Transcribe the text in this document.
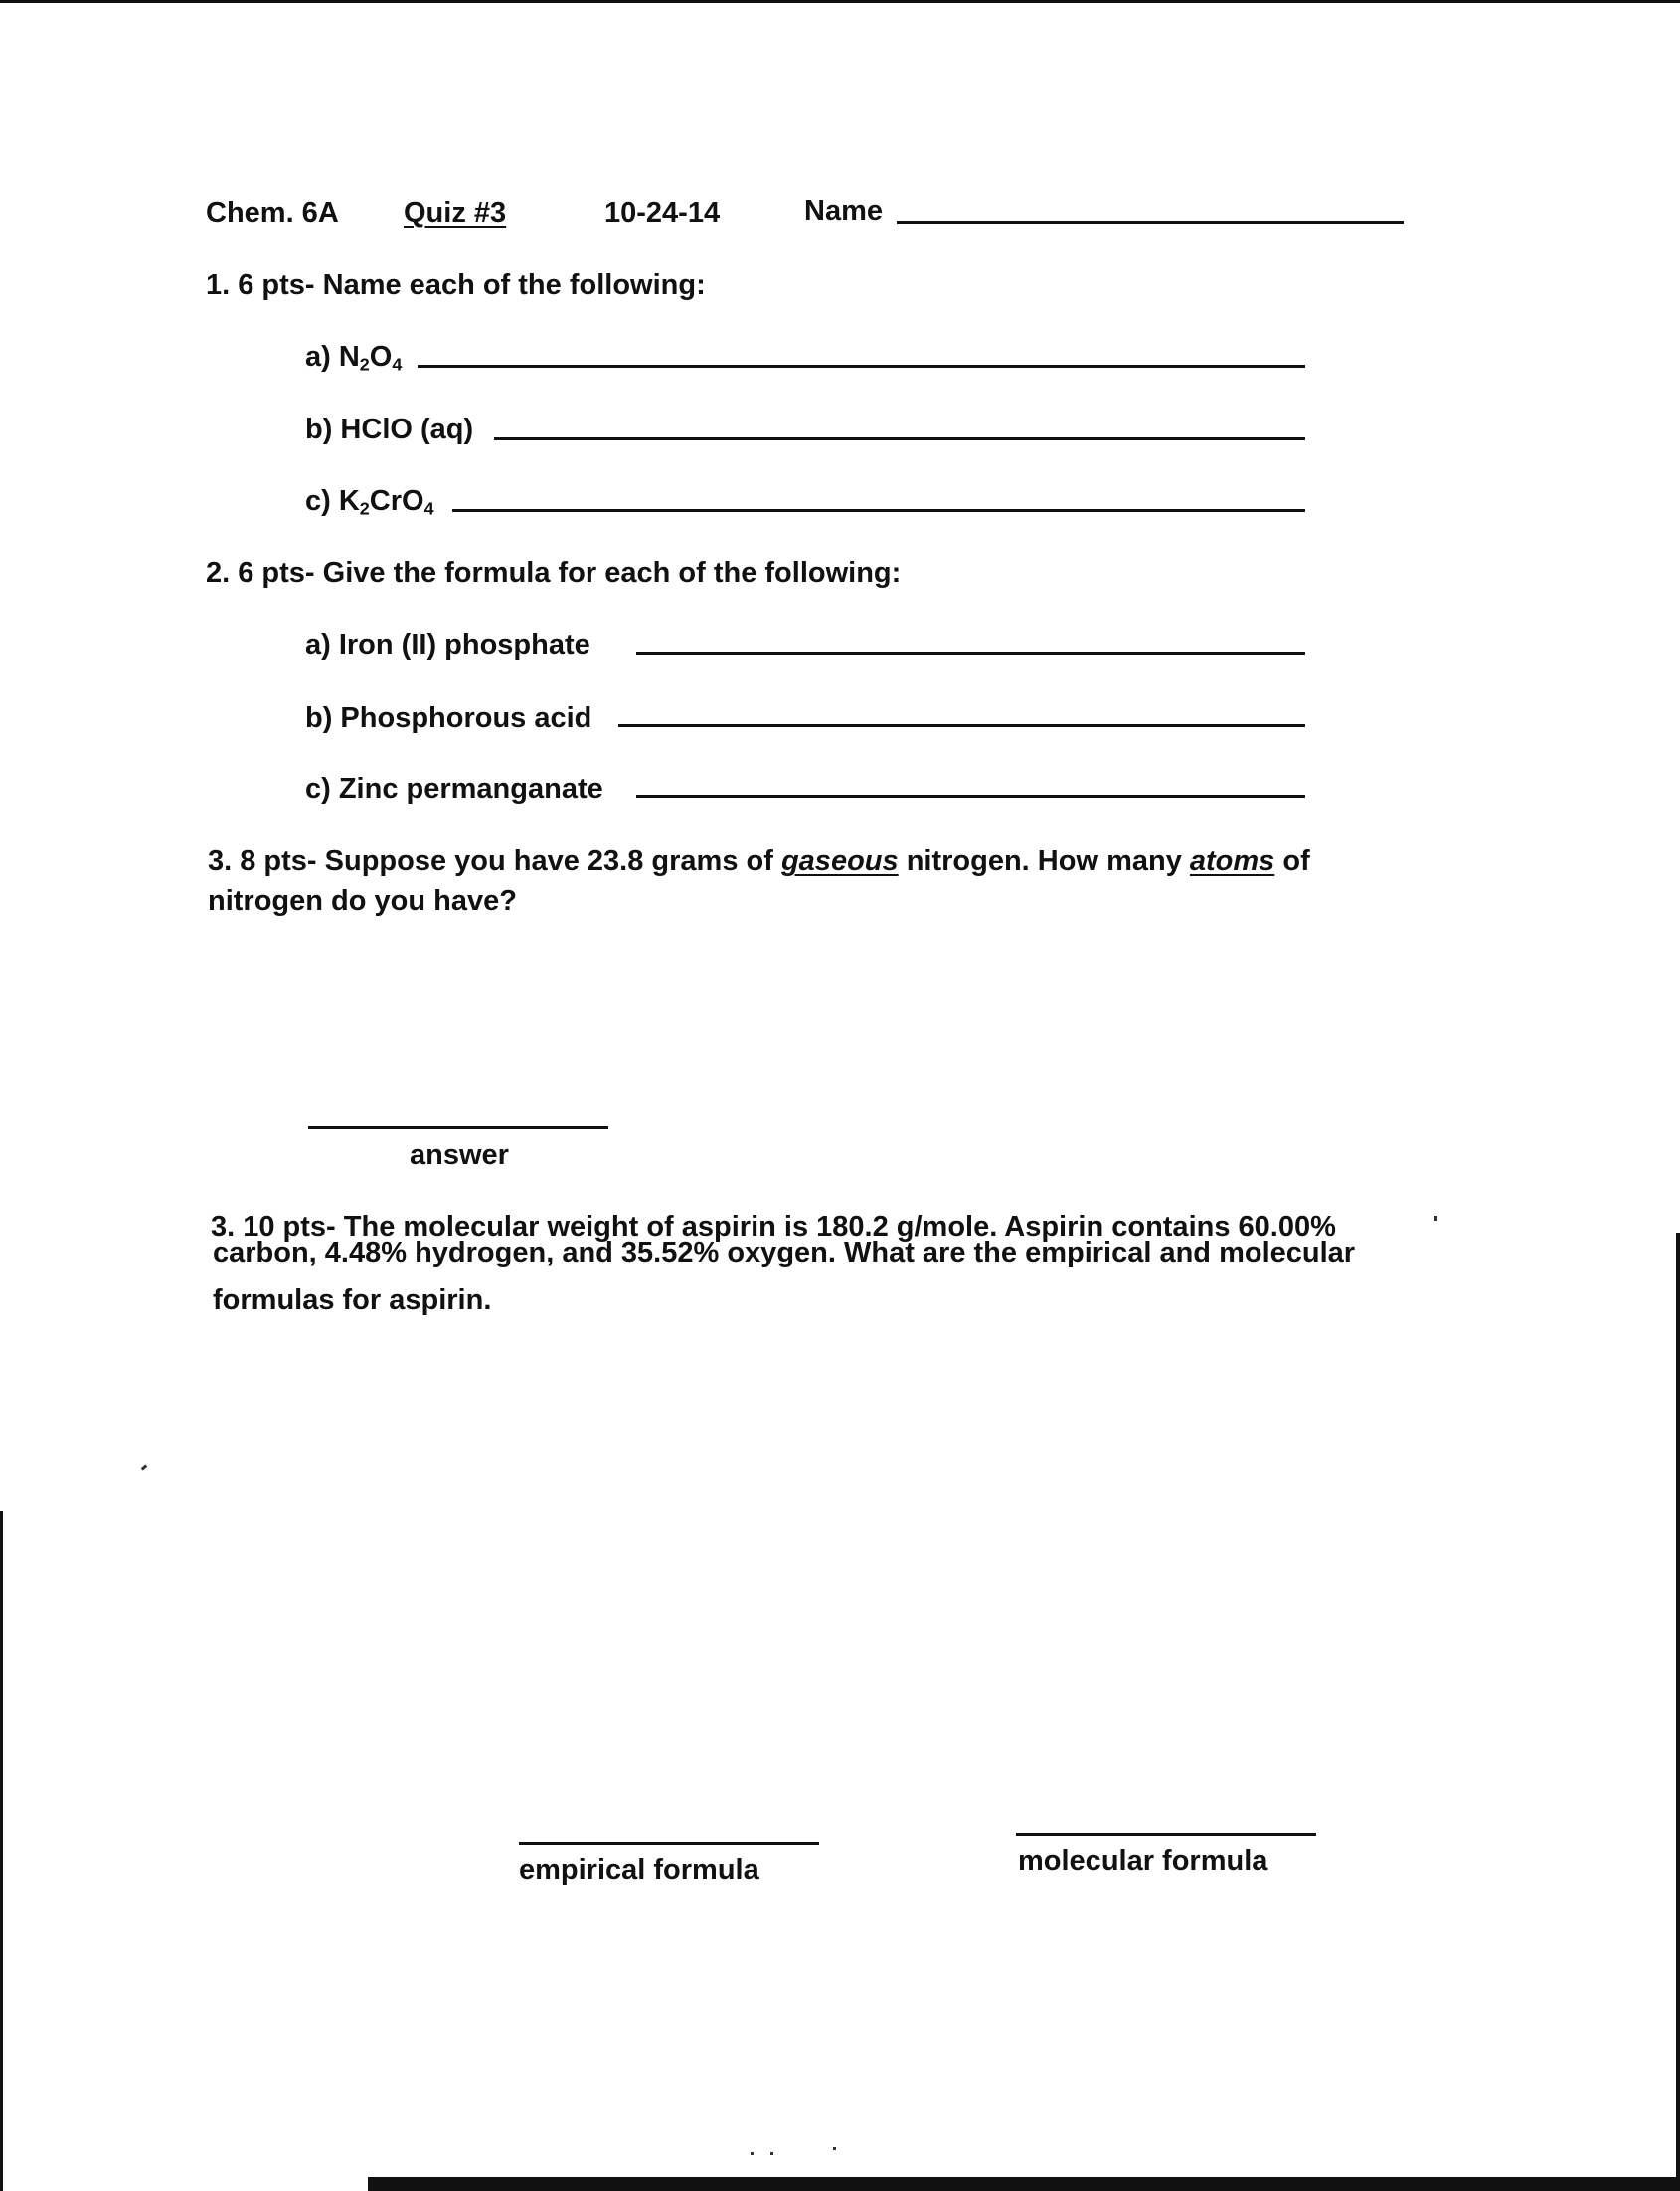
Chem. 6A Quiz #3	10-24-14	Name
1. 6 pts- Name each of the following:
a) $N_2O_4$
b) HClO (aq)
c) $K_2CrO_4$
2. 6 pts- Give the formula for each of the following:
a) Iron (II) phosphate
b) Phosphorous acid
c) Zinc permanganate
3. 8 pts- Suppose you have 23.8 grams of gaseous nitrogen. How many atoms of
nitrogen do you have?
answer
3. 10 pts- The molecular weight of aspirin is 180.2 g/mole. Aspirin contains 60.00%
carbon, 4.48% hydrogen, and 35.52% oxygen. What are the empirical and molecular
formulas for aspirin.
empirical formula	molecular formula
